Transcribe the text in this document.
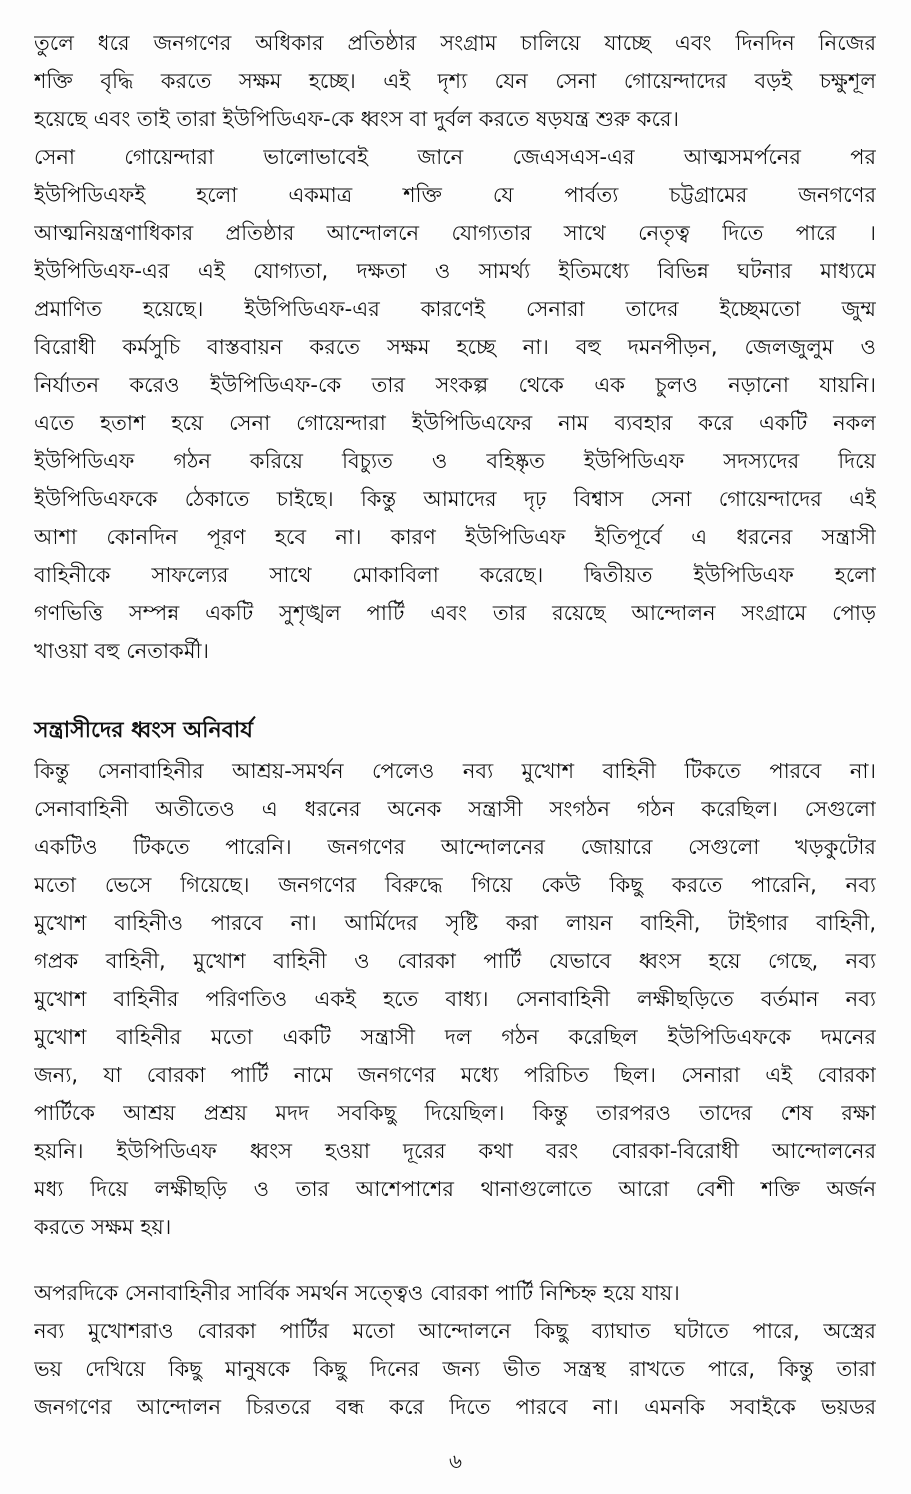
তুলে ধরে জনগণের অধিকার প্রতিষ্ঠার সংগ্রাম চালিয়ে যাচ্ছে এবং দিনদিন নিজের
শক্তি বৃদ্ধি করতে সক্ষম হচ্ছে। এই দৃশ্য যেন সেনা গোয়েন্দাদের বড়ই চক্ষুশূল
হয়েছে এবং তাই তারা ইউপিডিএফ-কে ধ্বংস বা দুর্বল করতে ষড়যন্ত্র শুরু করে।
সেনা গোয়েন্দারা ভালোভাবেই জানে জেএসএস-এর আত্মসমর্পনের পর
ইউপিডিএফই হলো একমাত্র শক্তি যে পার্বত্য চট্টগ্রামের জনগণের
আত্মনিয়ন্ত্রণাধিকার প্রতিষ্ঠার আন্দোলনে যোগ্যতার সাথে নেতৃত্ব দিতে পারে ।
ইউপিডিএফ-এর এই যোগ্যতা, দক্ষতা ও সামর্থ্য ইতিমধ্যে বিভিন্ন ঘটনার মাধ্যমে
প্রমাণিত হয়েছে। ইউপিডিএফ-এর কারণেই সেনারা তাদের ইচ্ছেমতো জুম্ম
বিরোধী কর্মসুচি বাস্তবায়ন করতে সক্ষম হচ্ছে না। বহু দমনপীড়ন, জেলজুলুম ও
নির্যাতন করেও ইউপিডিএফ-কে তার সংকল্প থেকে এক চুলও নড়ানো যায়নি।
এতে হতাশ হয়ে সেনা গোয়েন্দারা ইউপিডিএফের নাম ব্যবহার করে একটি নকল
ইউপিডিএফ গঠন করিয়ে বিচ্যুত ও বহিষ্কৃত ইউপিডিএফ সদস্যদের দিয়ে
ইউপিডিএফকে ঠেকাতে চাইছে। কিন্তু আমাদের দৃঢ় বিশ্বাস সেনা গোয়েন্দাদের এই
আশা কোনদিন পূরণ হবে না। কারণ ইউপিডিএফ ইতিপূর্বে এ ধরনের সন্ত্রাসী
বাহিনীকে সাফল্যের সাথে মোকাবিলা করেছে। দ্বিতীয়ত ইউপিডিএফ হলো
গণভিত্তি সম্পন্ন একটি সুশৃঙ্খল পার্টি এবং তার রয়েছে আন্দোলন সংগ্রামে পোড়
খাওয়া বহু নেতাকর্মী।
সন্ত্রাসীদের ধ্বংস অনিবার্য
কিন্তু সেনাবাহিনীর আশ্রয়-সমর্থন পেলেও নব্য মুখোশ বাহিনী টিকতে পারবে না।
সেনাবাহিনী অতীতেও এ ধরনের অনেক সন্ত্রাসী সংগঠন গঠন করেছিল। সেগুলো
একটিও টিকতে পারেনি। জনগণের আন্দোলনের জোয়ারে সেগুলো খড়কুটোর
মতো ভেসে গিয়েছে। জনগণের বিরুদ্ধে গিয়ে কেউ কিছু করতে পারেনি, নব্য
মুখোশ বাহিনীও পারবে না। আর্মিদের সৃষ্টি করা লায়ন বাহিনী, টাইগার বাহিনী,
গপ্রক বাহিনী, মুখোশ বাহিনী ও বোরকা পার্টি যেভাবে ধ্বংস হয়ে গেছে, নব্য
মুখোশ বাহিনীর পরিণতিও একই হতে বাধ্য। সেনাবাহিনী লক্ষীছড়িতে বর্তমান নব্য
মুখোশ বাহিনীর মতো একটি সন্ত্রাসী দল গঠন করেছিল ইউপিডিএফকে দমনের
জন্য, যা বোরকা পার্টি নামে জনগণের মধ্যে পরিচিত ছিল। সেনারা এই বোরকা
পার্টিকে আশ্রয় প্রশ্রয় মদদ সবকিছু দিয়েছিল। কিন্তু তারপরও তাদের শেষ রক্ষা
হয়নি। ইউপিডিএফ ধ্বংস হওয়া দূরের কথা বরং বোরকা-বিরোধী আন্দোলনের
মধ্য দিয়ে লক্ষীছড়ি ও তার আশেপাশের থানাগুলোতে আরো বেশী শক্তি অর্জন
করতে সক্ষম হয়।
অপরদিকে সেনাবাহিনীর সার্বিক সমর্থন সত্ত্বেও বোরকা পার্টি নিশ্চিহ্ন হয়ে যায়।
নব্য মুখোশরাও বোরকা পার্টির মতো আন্দোলনে কিছু ব্যাঘাত ঘটাতে পারে, অস্ত্রের
ভয় দেখিয়ে কিছু মানুষকে কিছু দিনের জন্য ভীত সন্ত্রস্থ রাখতে পারে, কিন্তু তারা
জনগণের আন্দোলন চিরতরে বন্ধ করে দিতে পারবে না। এমনকি সবাইকে ভয়ডর
৬
